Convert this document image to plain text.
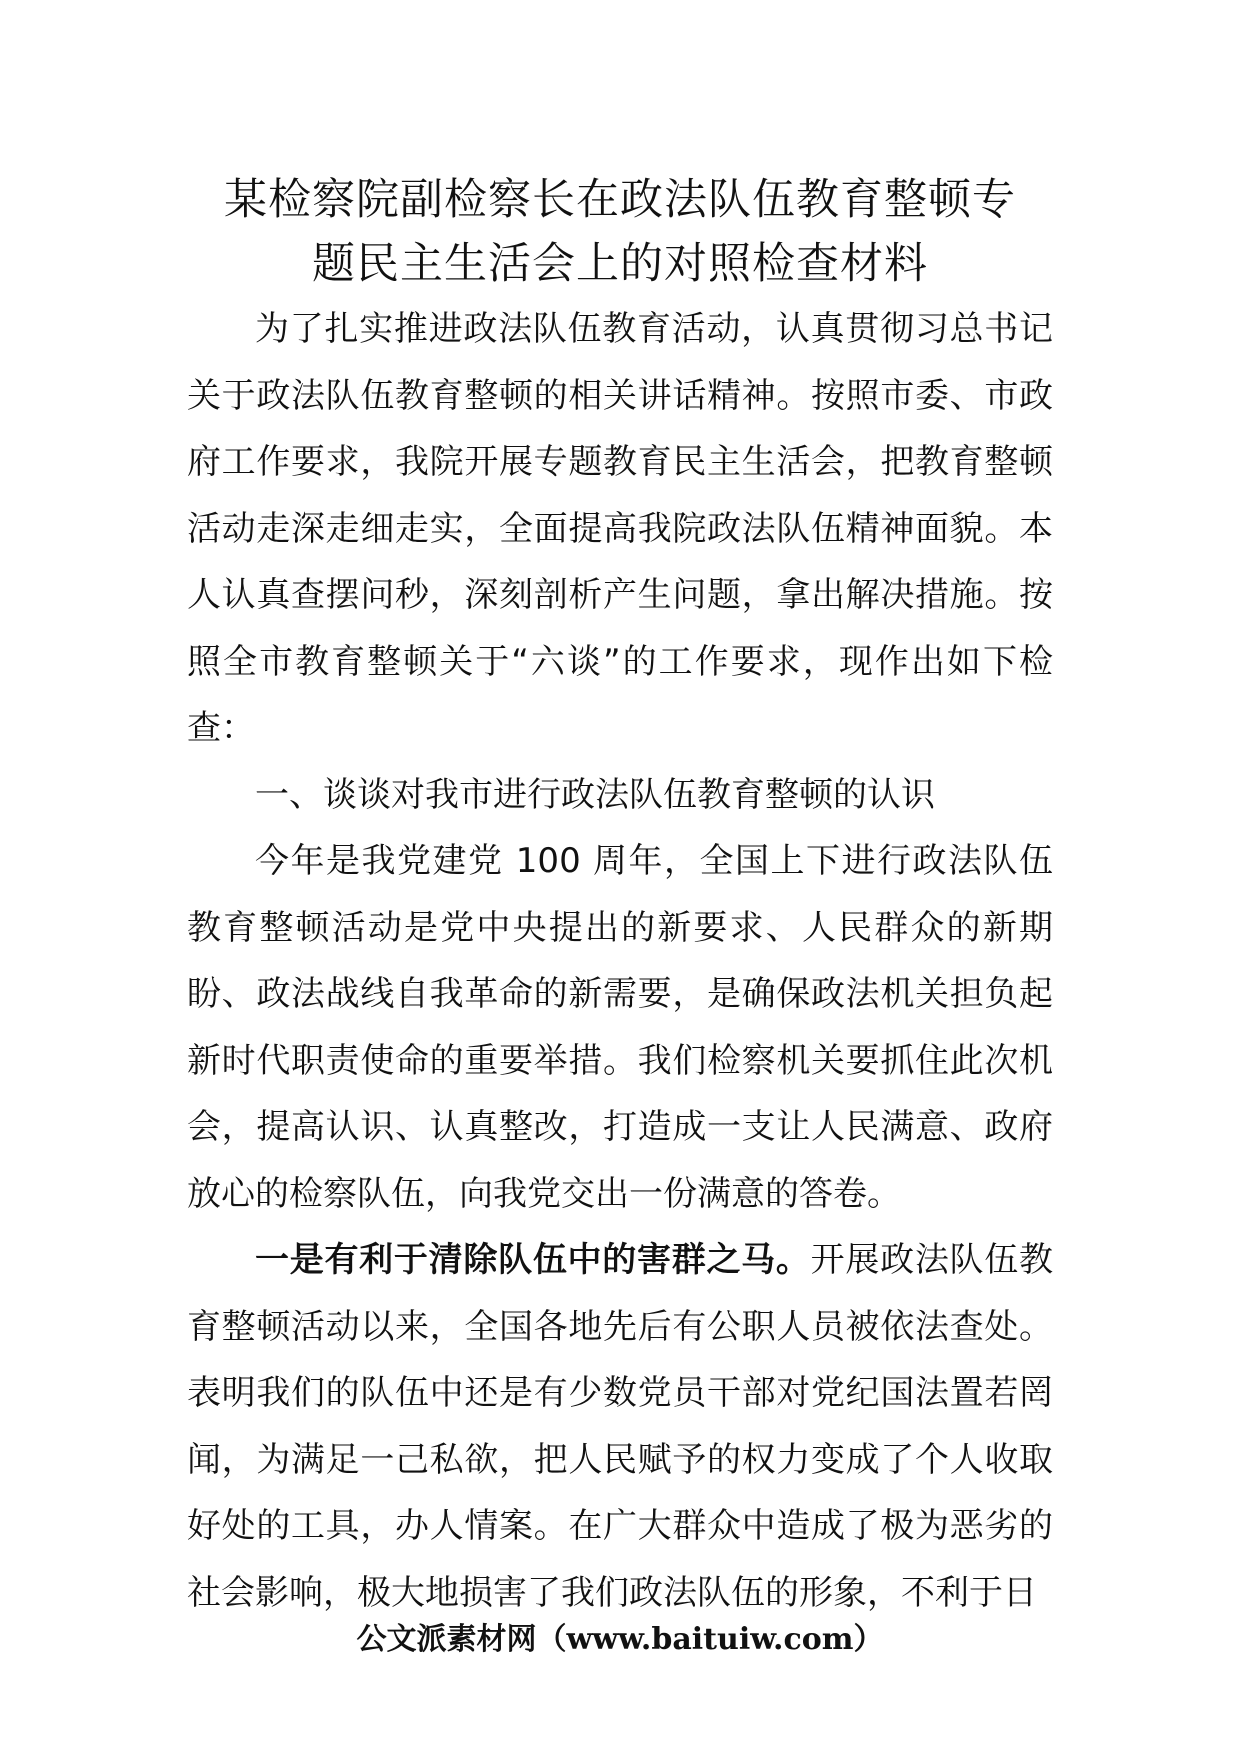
某检察院副检察长在政法队伍教育整顿专
题民主生活会上的对照检查材料

为了扎实推进政法队伍教育活动，认真贯彻习总书记关于政法队伍教育整顿的相关讲话精神。按照市委、市政府工作要求，我院开展专题教育民主生活会，把教育整顿活动走深走细走实，全面提高我院政法队伍精神面貌。本人认真查摆问秒，深刻剖析产生问题，拿出解决措施。按照全市教育整顿关于“六谈”的工作要求，现作出如下检查：

一、谈谈对我市进行政法队伍教育整顿的认识

今年是我党建党 100 周年，全国上下进行政法队伍教育整顿活动是党中央提出的新要求、人民群众的新期盼、政法战线自我革命的新需要，是确保政法机关担负起新时代职责使命的重要举措。我们检察机关要抓住此次机会，提高认识、认真整改，打造成一支让人民满意、政府放心的检察队伍，向我党交出一份满意的答卷。

一是有利于清除队伍中的害群之马。开展政法队伍教育整顿活动以来，全国各地先后有公职人员被依法查处。表明我们的队伍中还是有少数党员干部对党纪国法置若罔闻，为满足一己私欲，把人民赋予的权力变成了个人收取好处的工具，办人情案。在广大群众中造成了极为恶劣的社会影响，极大地损害了我们政法队伍的形象，不利于日

公文派素材网（www.baituiw.com）
